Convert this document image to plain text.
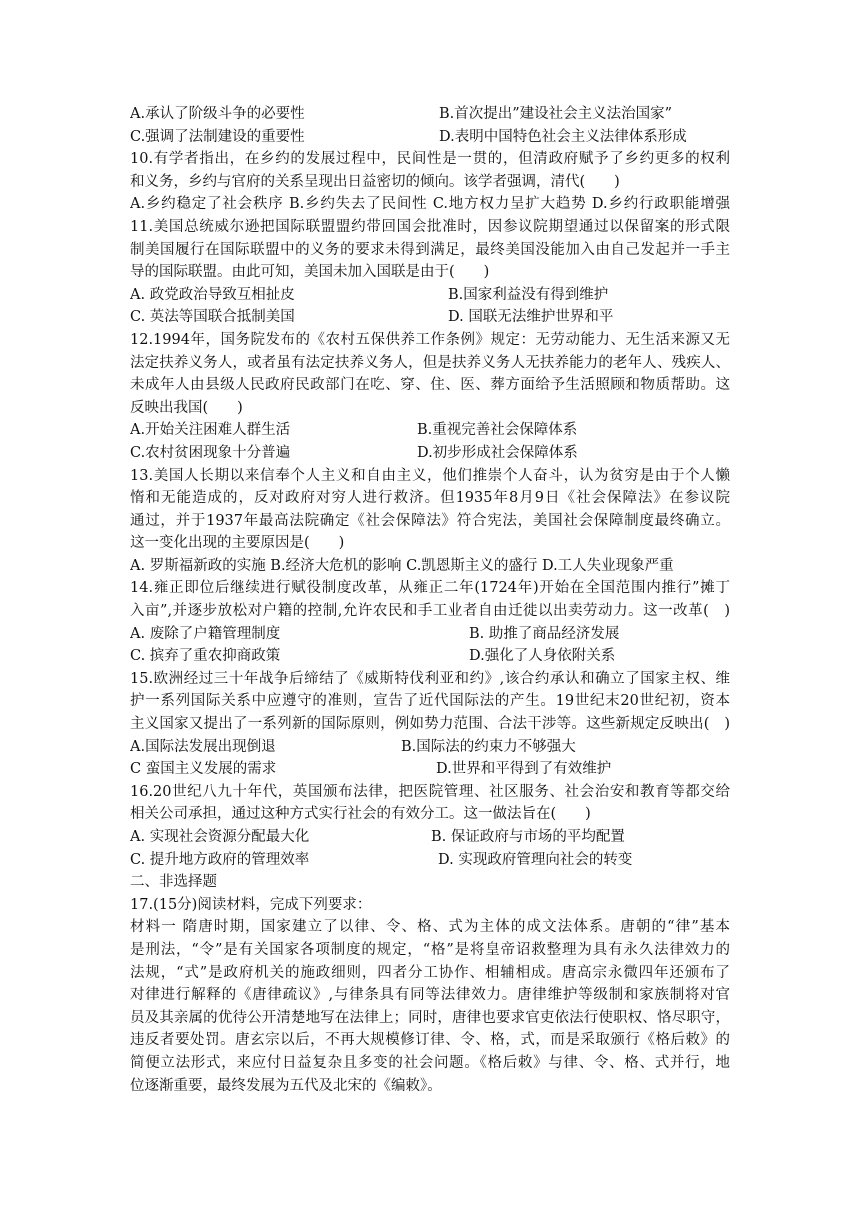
A.承认了阶级斗争的必要性	B.首次提出”建设社会主义法治国家”
C.强调了法制建设的重要性	D.表明中国特色社会主义法律体系形成
10.有学者指出，在乡约的发展过程中，民间性是一贯的，但清政府赋予了乡约更多的权利
和义务，乡约与官府的关系呈现出日益密切的倾向。该学者强调，清代(　　)
A.乡约稳定了社会秩序 B.乡约失去了民间性 C.地方权力呈扩大趋势 D.乡约行政职能增强
11.美国总统威尔逊把国际联盟盟约带回国会批准时，因参议院期望通过以保留案的形式限
制美国履行在国际联盟中的义务的要求未得到满足，最终美国没能加入由自己发起并一手主
导的国际联盟。由此可知，美国未加入国联是由于(　　)
A. 政党政治导致互相扯皮	B.国家利益没有得到维护
C. 英法等国联合抵制美国	D. 国联无法维护世界和平
12.1994年，国务院发布的《农村五保供养工作条例》规定：无劳动能力、无生活来源又无
法定扶养义务人，或者虽有法定扶养义务人，但是扶养义务人无扶养能力的老年人、残疾人、
未成年人由县级人民政府民政部门在吃、穿、住、医、葬方面给予生活照顾和物质帮助。这
反映出我国(　　)
A.开始关注困难人群生活	B.重视完善社会保障体系
C.农村贫困现象十分普遍	D.初步形成社会保障体系
13.美国人长期以来信奉个人主义和自由主义，他们推崇个人奋斗，认为贫穷是由于个人懒
惰和无能造成的，反对政府对穷人进行救济。但1935年8月9日《社会保障法》在参议院
通过，并于1937年最高法院确定《社会保障法》符合宪法，美国社会保障制度最终确立。
这一变化出现的主要原因是(　　)
A. 罗斯福新政的实施 B.经济大危机的影响 C.凯恩斯主义的盛行 D.工人失业现象严重
14.雍正即位后继续进行赋役制度改革，从雍正二年(1724年)开始在全国范围内推行”摊丁
入亩”,并逐步放松对户籍的控制,允许农民和手工业者自由迁徙以出卖劳动力。这一改革(　)
A. 废除了户籍管理制度	B. 助推了商品经济发展
C. 摈弃了重农抑商政策	D.强化了人身依附关系
15.欧洲经过三十年战争后缔结了《威斯特伐利亚和约》,该合约承认和确立了国家主权、维
护一系列国际关系中应遵守的准则，宣告了近代国际法的产生。19世纪末20世纪初，资本
主义国家又提出了一系列新的国际原则，例如势力范围、合法干涉等。这些新规定反映出(　)
A.国际法发展出现倒退	B.国际法的约束力不够强大
C 蛮国主义发展的需求	D.世界和平得到了有效维护
16.20世纪八九十年代，英国颁布法律，把医院管理、社区服务、社会治安和教育等都交给
相关公司承担，通过这种方式实行社会的有效分工。这一做法旨在(　　)
A. 实现社会资源分配最大化	B. 保证政府与市场的平均配置
C. 提升地方政府的管理效率	D. 实现政府管理向社会的转变
二、非选择题
17.(15分)阅读材料，完成下列要求：
材料一 隋唐时期，国家建立了以律、令、格、式为主体的成文法体系。唐朝的“律”基本
是刑法，“令”是有关国家各项制度的规定，“格”是将皇帝诏救整理为具有永久法律效力的
法规，“式”是政府机关的施政细则，四者分工协作、相辅相成。唐高宗永微四年还颁布了
对律进行解释的《唐律疏议》,与律条具有同等法律效力。唐律维护等级制和家族制将对官
员及其亲属的优待公开清楚地写在法律上；同时，唐律也要求官吏依法行使职权、恪尽职守，
违反者要处罚。唐玄宗以后，不再大规模修订律、令、格，式，而是采取颁行《格后敕》的
简便立法形式，来应付日益复杂且多变的社会问题。《格后敕》与律、令、格、式并行，地
位逐渐重要，最终发展为五代及北宋的《编敕》。
